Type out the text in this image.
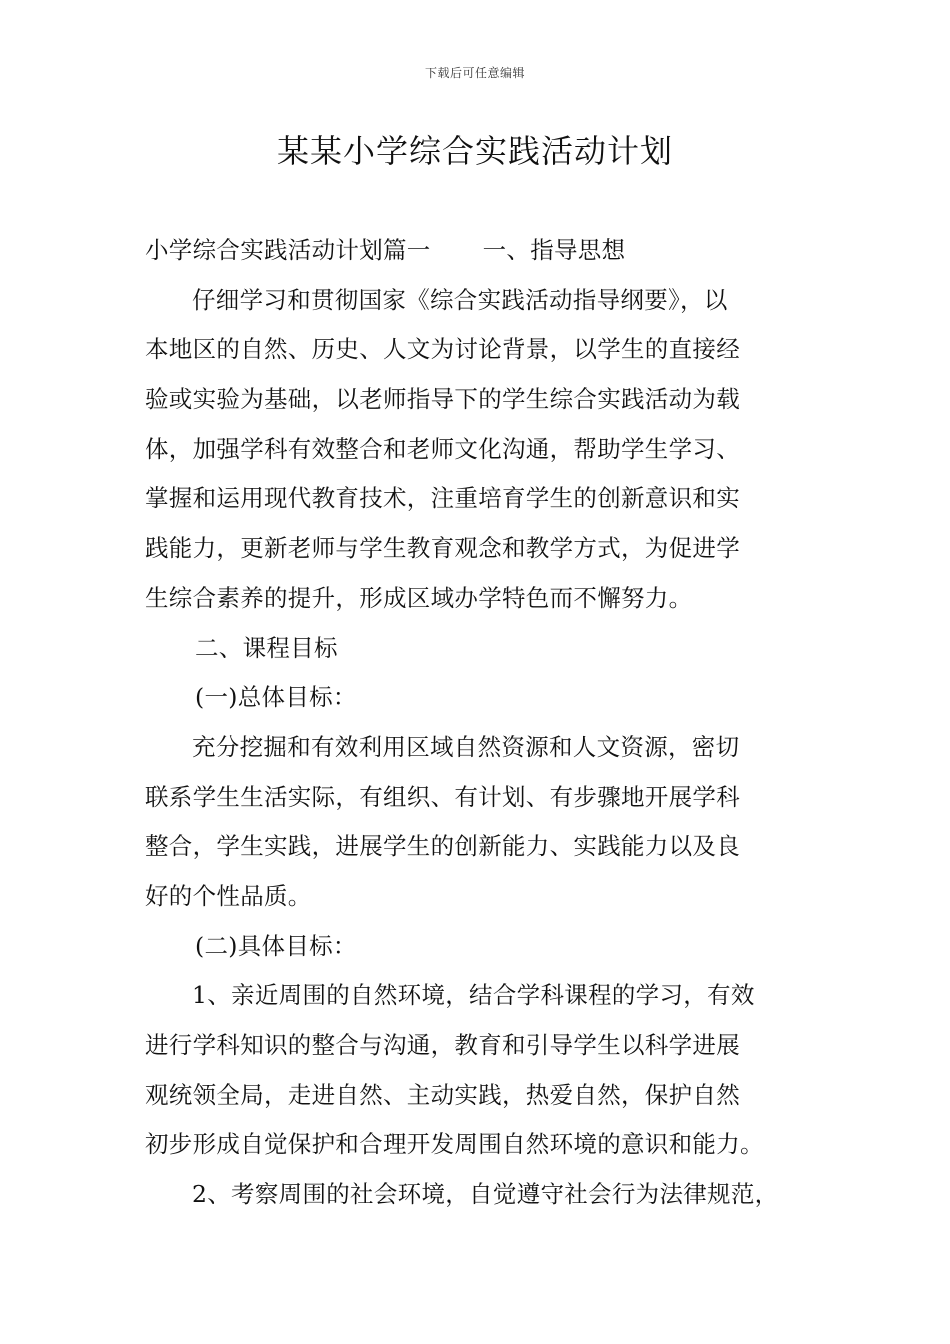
下载后可任意编辑
某某小学综合实践活动计划
小学综合实践活动计划篇一 一、指导思想
仔细学习和贯彻国家《综合实践活动指导纲要》，以
本地区的自然、历史、人文为讨论背景，以学生的直接经
验或实验为基础，以老师指导下的学生综合实践活动为载
体，加强学科有效整合和老师文化沟通，帮助学生学习、
掌握和运用现代教育技术，注重培育学生的创新意识和实
践能力，更新老师与学生教育观念和教学方式，为促进学
生综合素养的提升，形成区域办学特色而不懈努力。
二、课程目标
(一)总体目标：
充分挖掘和有效利用区域自然资源和人文资源，密切
联系学生生活实际，有组织、有计划、有步骤地开展学科
整合，学生实践，进展学生的创新能力、实践能力以及良
好的个性品质。
(二)具体目标：
1、亲近周围的自然环境，结合学科课程的学习，有效
进行学科知识的整合与沟通，教育和引导学生以科学进展
观统领全局，走进自然、主动实践，热爱自然，保护自然
初步形成自觉保护和合理开发周围自然环境的意识和能力。
2、考察周围的社会环境，自觉遵守社会行为法律规范，
